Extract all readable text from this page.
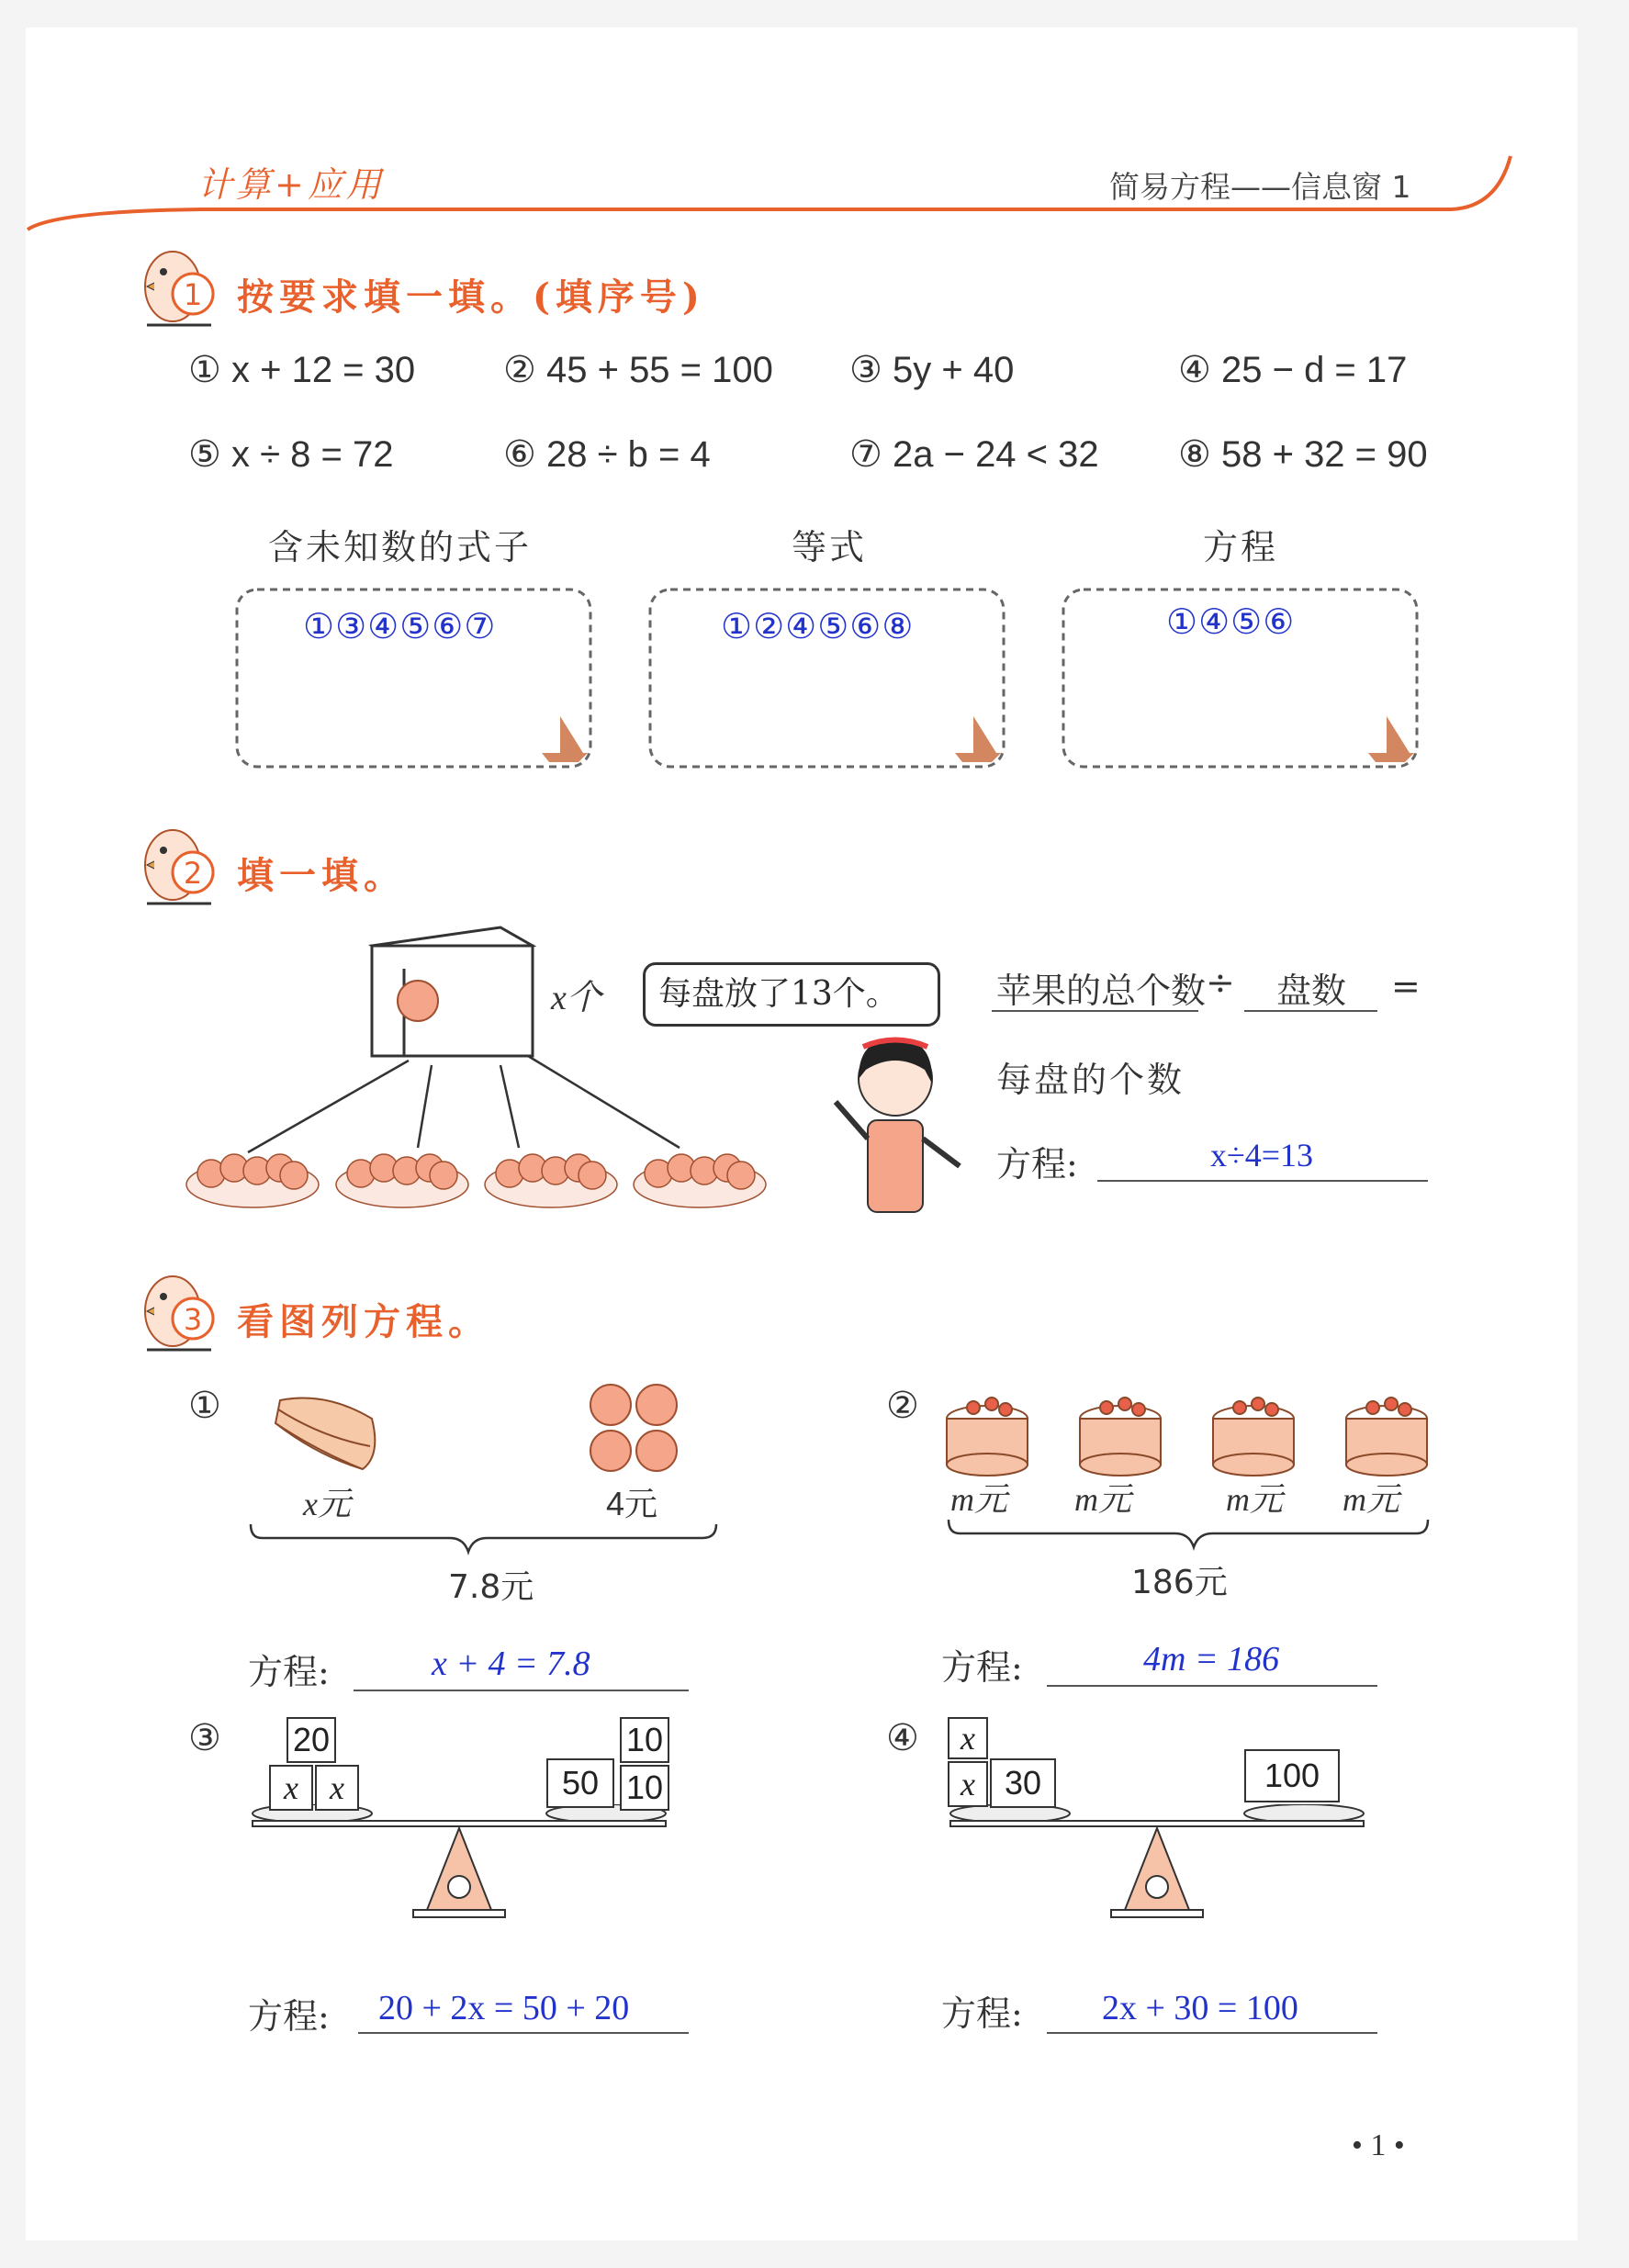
计算+应用	简易方程——信息窗 1
1 按要求填一填。(填序号)
① x + 12 = 30 ② 45 + 55 = 100 ③ 5y + 40	④ 25 − d = 17
⑤ x ÷ 8 = 72	⑥ 28 ÷ b = 4	⑦ 2a − 24 < 32 ⑧ 58 + 32 = 90
含未知数的式子	等式	方程
①③④⑤⑥⑦	①②④⑤⑥⑧	①④⑤⑥
2 填一填。
x个	每盘放了13个。	苹果的总个数 ÷ 盘数 =
每盘的个数
方程:	x÷4=13
3 看图列方程。
①
x元	4元
7.8元
方程:	x + 4 = 7.8
②
m元 m元	m元 m元
186元
方程:	4m = 186
③ 20
x x
10
50 10
方程: 20 + 2x = 50 + 20
④	x
x 30	100
方程: 2x + 30 = 100
• 1 •
